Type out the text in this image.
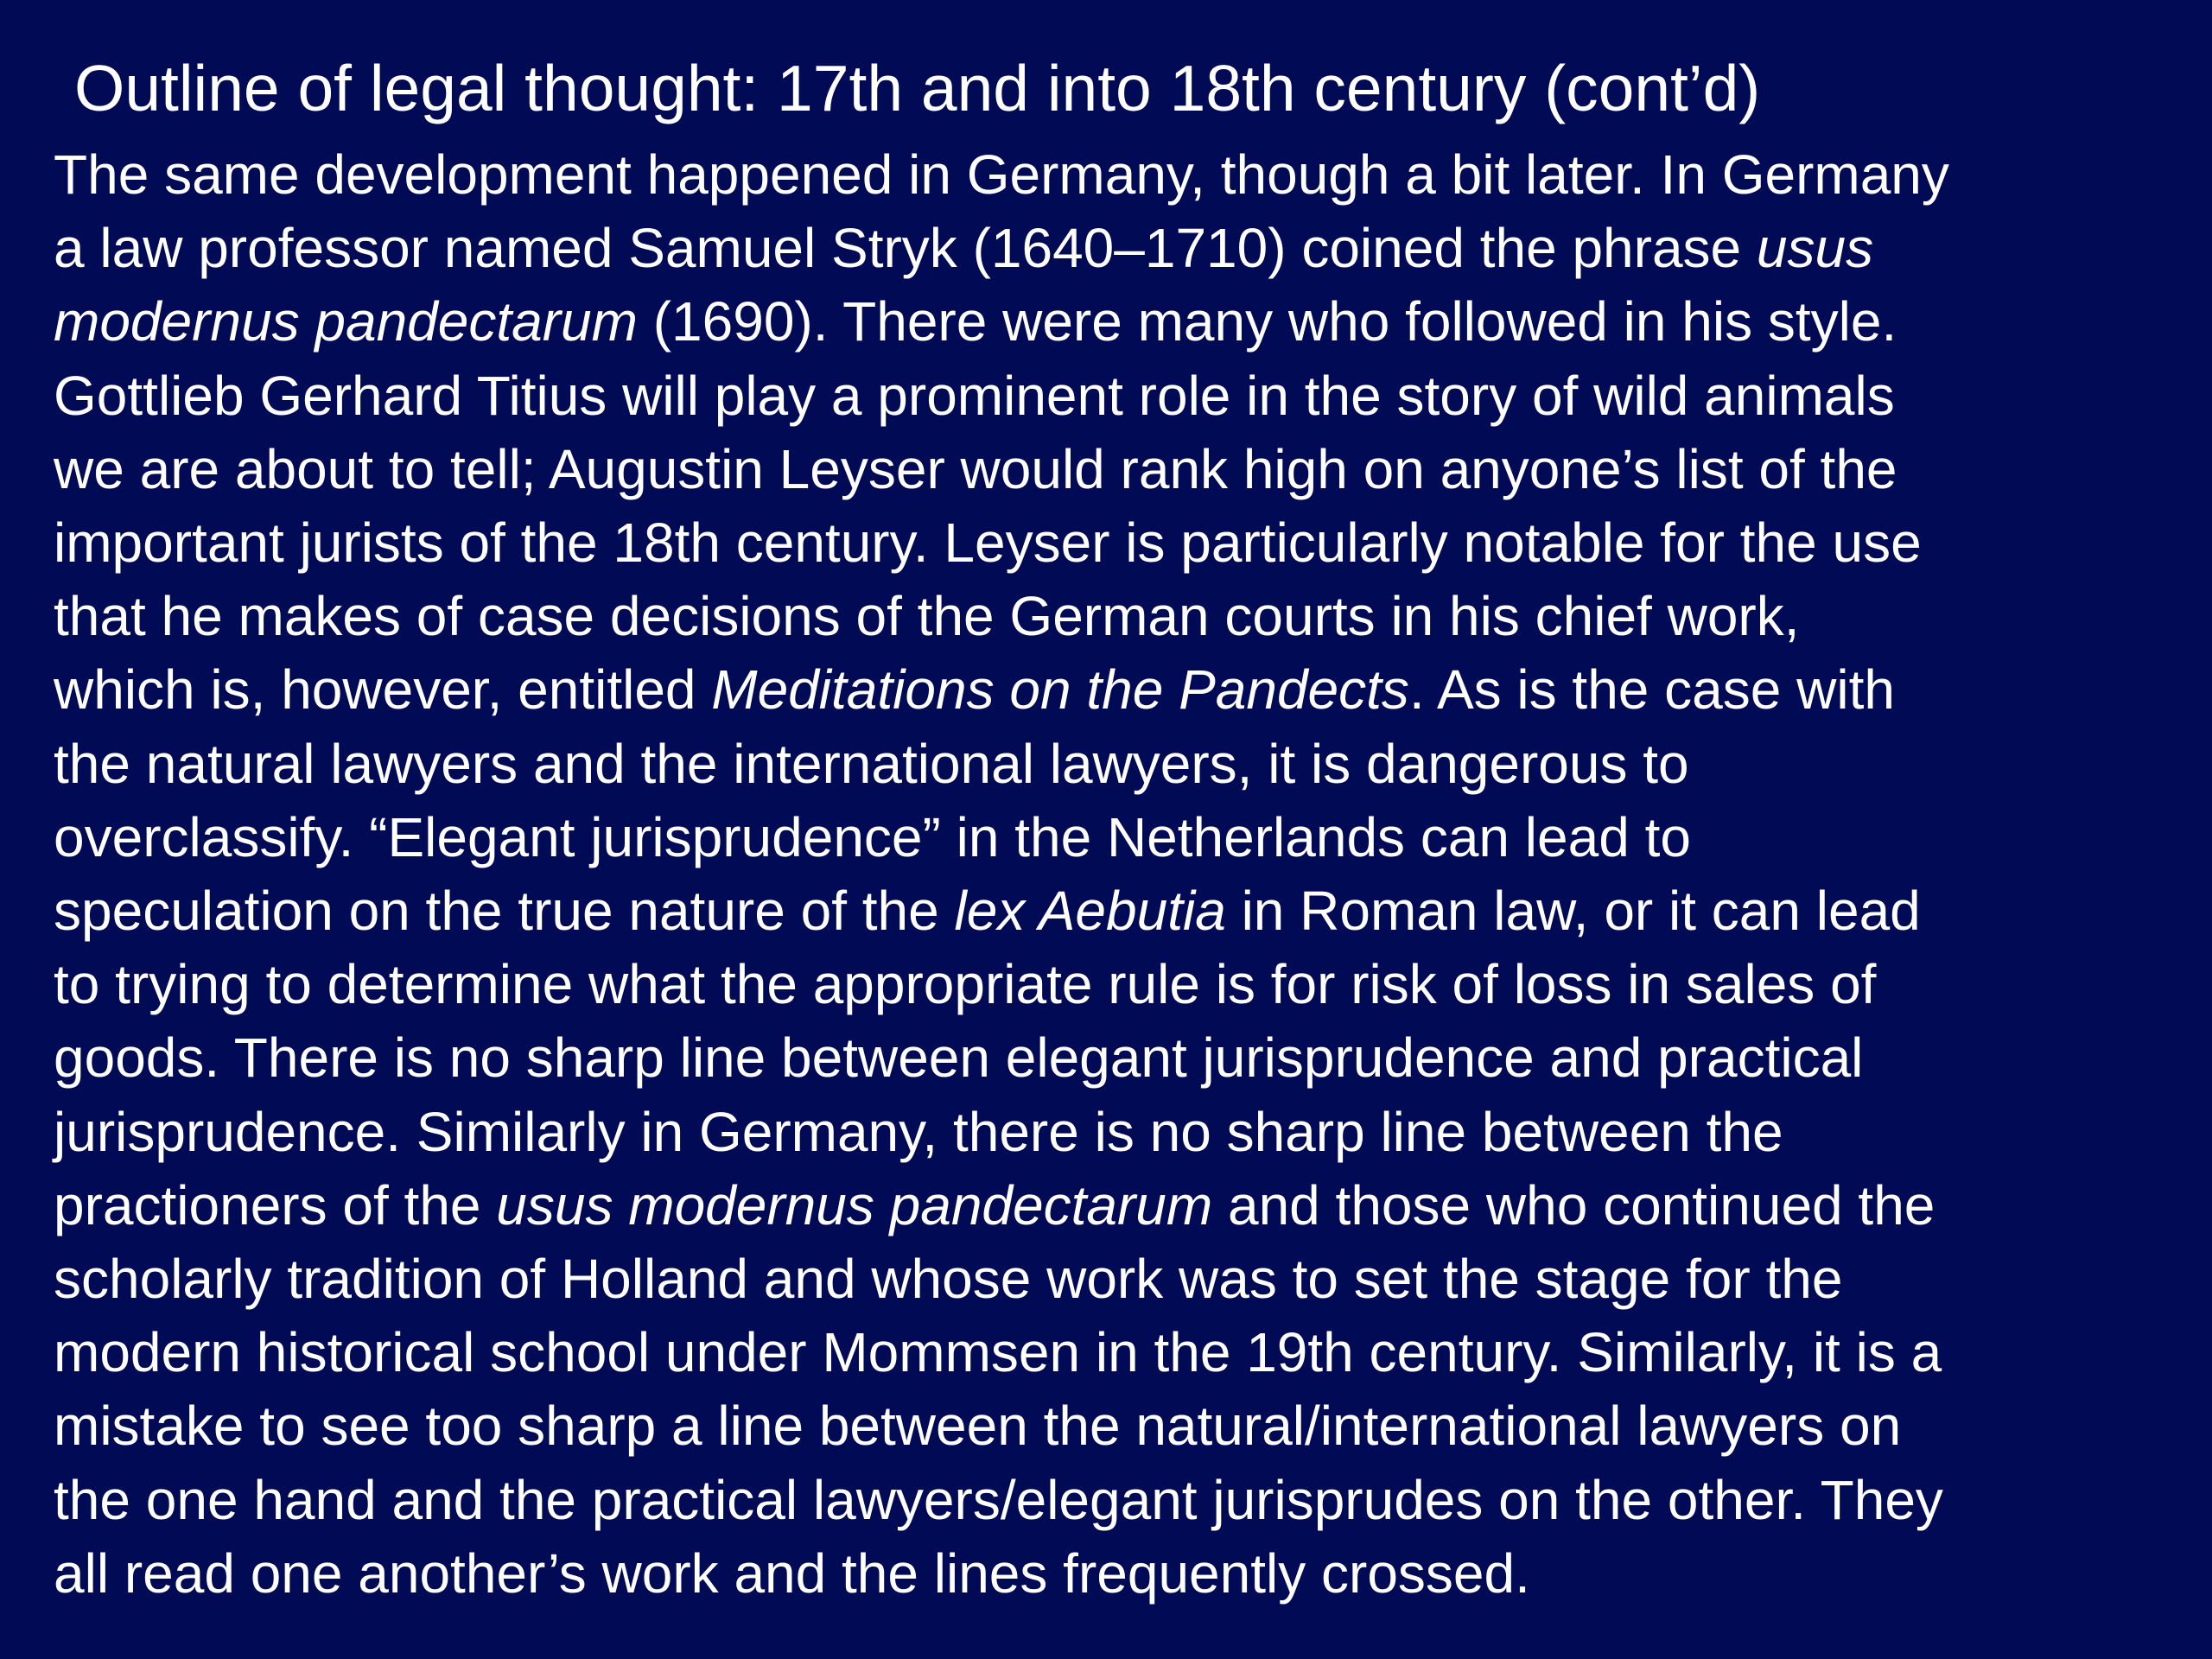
Outline of legal thought: 17th and into 18th century (cont’d)
The same development happened in Germany, though a bit later. In Germany
a law professor named Samuel Stryk (1640–1710) coined the phrase usus
modernus pandectarum (1690). There were many who followed in his style.
Gottlieb Gerhard Titius will play a prominent role in the story of wild animals
we are about to tell; Augustin Leyser would rank high on anyone’s list of the
important jurists of the 18th century. Leyser is particularly notable for the use
that he makes of case decisions of the German courts in his chief work,
which is, however, entitled Meditations on the Pandects. As is the case with
the natural lawyers and the international lawyers, it is dangerous to
overclassify. “Elegant jurisprudence” in the Netherlands can lead to
speculation on the true nature of the lex Aebutia in Roman law, or it can lead
to trying to determine what the appropriate rule is for risk of loss in sales of
goods. There is no sharp line between elegant jurisprudence and practical
jurisprudence. Similarly in Germany, there is no sharp line between the
practioners of the usus modernus pandectarum and those who continued the
scholarly tradition of Holland and whose work was to set the stage for the
modern historical school under Mommsen in the 19th century. Similarly, it is a
mistake to see too sharp a line between the natural/international lawyers on
the one hand and the practical lawyers/elegant jurisprudes on the other. They
all read one another’s work and the lines frequently crossed.
